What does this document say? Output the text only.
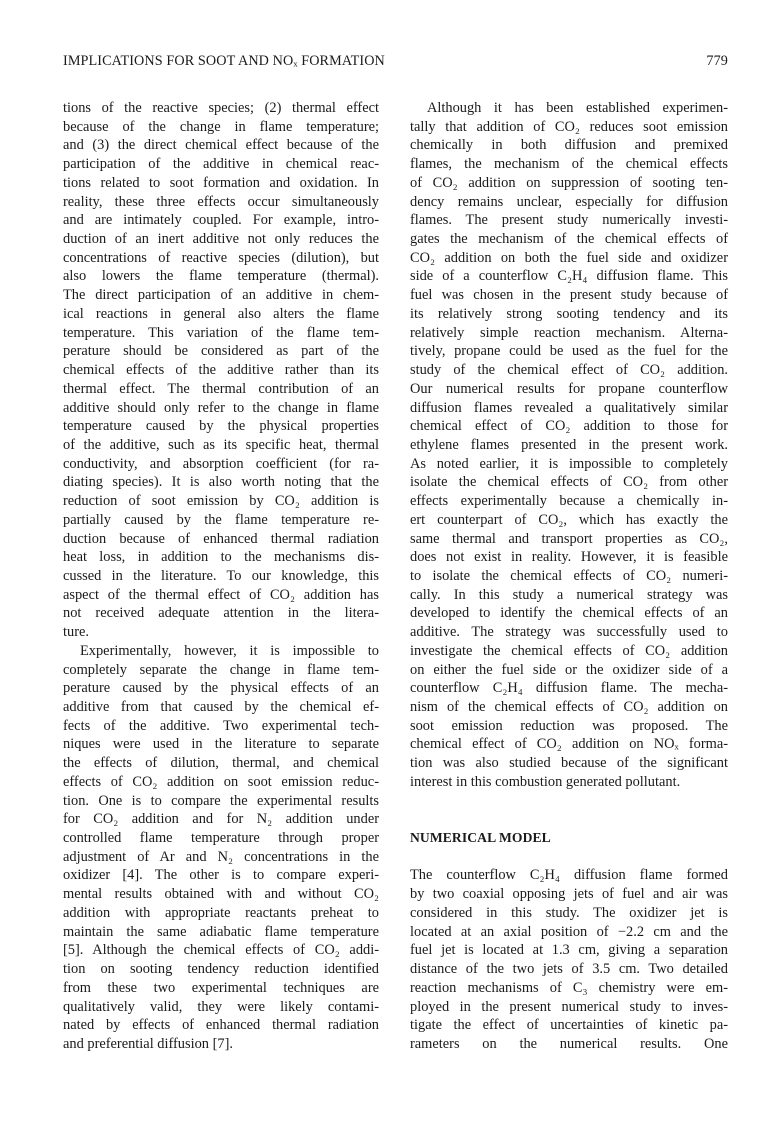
IMPLICATIONS FOR SOOT AND NOₓ FORMATION	779
tions of the reactive species; (2) thermal effect
because of the change in flame temperature;
and (3) the direct chemical effect because of the
participation of the additive in chemical reac-
tions related to soot formation and oxidation. In
reality, these three effects occur simultaneously
and are intimately coupled. For example, intro-
duction of an inert additive not only reduces the
concentrations of reactive species (dilution), but
also lowers the flame temperature (thermal).
The direct participation of an additive in chem-
ical reactions in general also alters the flame
temperature. This variation of the flame tem-
perature should be considered as part of the
chemical effects of the additive rather than its
thermal effect. The thermal contribution of an
additive should only refer to the change in flame
temperature caused by the physical properties
of the additive, such as its specific heat, thermal
conductivity, and absorption coefficient (for ra-
diating species). It is also worth noting that the
reduction of soot emission by CO₂ addition is
partially caused by the flame temperature re-
duction because of enhanced thermal radiation
heat loss, in addition to the mechanisms dis-
cussed in the literature. To our knowledge, this
aspect of the thermal effect of CO₂ addition has
not received adequate attention in the litera-
ture.
Experimentally, however, it is impossible to
completely separate the change in flame tem-
perature caused by the physical effects of an
additive from that caused by the chemical ef-
fects of the additive. Two experimental tech-
niques were used in the literature to separate
the effects of dilution, thermal, and chemical
effects of CO₂ addition on soot emission reduc-
tion. One is to compare the experimental results
for CO₂ addition and for N₂ addition under
controlled flame temperature through proper
adjustment of Ar and N₂ concentrations in the
oxidizer [4]. The other is to compare experi-
mental results obtained with and without CO₂
addition with appropriate reactants preheat to
maintain the same adiabatic flame temperature
[5]. Although the chemical effects of CO₂ addi-
tion on sooting tendency reduction identified
from these two experimental techniques are
qualitatively valid, they were likely contami-
nated by effects of enhanced thermal radiation
and preferential diffusion [7].
Although it has been established experimen-
tally that addition of CO₂ reduces soot emission
chemically in both diffusion and premixed
flames, the mechanism of the chemical effects
of CO₂ addition on suppression of sooting ten-
dency remains unclear, especially for diffusion
flames. The present study numerically investi-
gates the mechanism of the chemical effects of
CO₂ addition on both the fuel side and oxidizer
side of a counterflow C₂H₄ diffusion flame. This
fuel was chosen in the present study because of
its relatively strong sooting tendency and its
relatively simple reaction mechanism. Alterna-
tively, propane could be used as the fuel for the
study of the chemical effect of CO₂ addition.
Our numerical results for propane counterflow
diffusion flames revealed a qualitatively similar
chemical effect of CO₂ addition to those for
ethylene flames presented in the present work.
As noted earlier, it is impossible to completely
isolate the chemical effects of CO₂ from other
effects experimentally because a chemically in-
ert counterpart of CO₂, which has exactly the
same thermal and transport properties as CO₂,
does not exist in reality. However, it is feasible
to isolate the chemical effects of CO₂ numeri-
cally. In this study a numerical strategy was
developed to identify the chemical effects of an
additive. The strategy was successfully used to
investigate the chemical effects of CO₂ addition
on either the fuel side or the oxidizer side of a
counterflow C₂H₄ diffusion flame. The mecha-
nism of the chemical effects of CO₂ addition on
soot emission reduction was proposed. The
chemical effect of CO₂ addition on NOₓ forma-
tion was also studied because of the significant
interest in this combustion generated pollutant.
NUMERICAL MODEL
The counterflow C₂H₄ diffusion flame formed
by two coaxial opposing jets of fuel and air was
considered in this study. The oxidizer jet is
located at an axial position of −2.2 cm and the
fuel jet is located at 1.3 cm, giving a separation
distance of the two jets of 3.5 cm. Two detailed
reaction mechanisms of C₃ chemistry were em-
ployed in the present numerical study to inves-
tigate the effect of uncertainties of kinetic pa-
rameters on the numerical results. One
